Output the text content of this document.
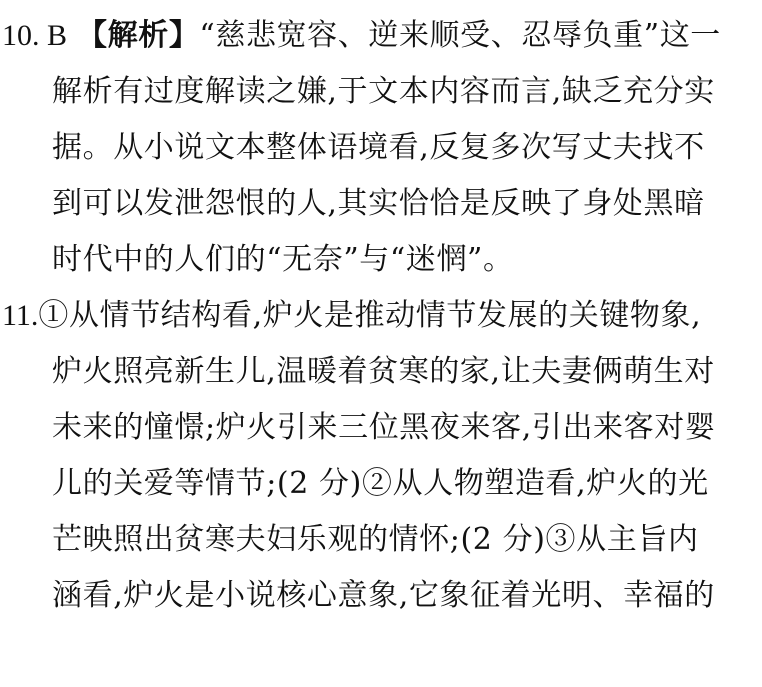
10. B 【解析】“慈悲宽容、逆来顺受、忍辱负重”这一
解析有过度解读之嫌,于文本内容而言,缺乏充分实
据。从小说文本整体语境看,反复多次写丈夫找不
到可以发泄怨恨的人,其实恰恰是反映了身处黑暗
时代中的人们的“无奈”与“迷惘”。
11.①从情节结构看,炉火是推动情节发展的关键物象,
炉火照亮新生儿,温暖着贫寒的家,让夫妻俩萌生对
未来的憧憬;炉火引来三位黑夜来客,引出来客对婴
儿的关爱等情节;(2 分)②从人物塑造看,炉火的光
芒映照出贫寒夫妇乐观的情怀;(2 分)③从主旨内
涵看,炉火是小说核心意象,它象征着光明、幸福的
